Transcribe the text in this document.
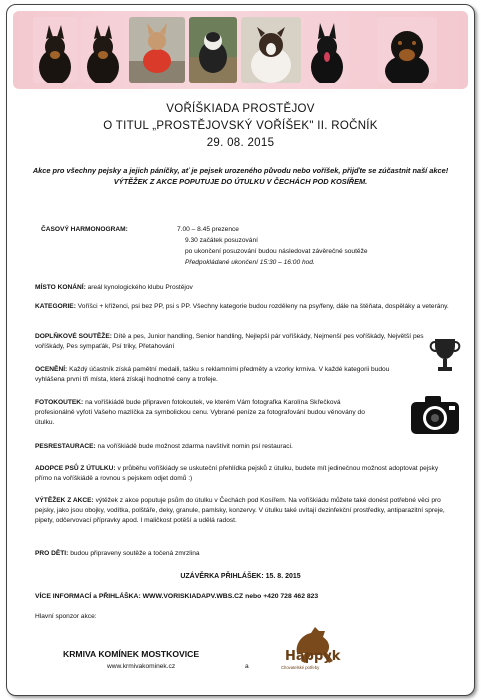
VOŘÍŠKIADA PROSTĚJOV
O TITUL „PROSTĚJOVSKÝ VOŘÍŠEK" II. ROČNÍK
29. 08. 2015
Akce pro všechny pejsky a jejich páníčky, ať je pejsek urozeného původu nebo voříšek, přijďte se zúčastnit naší akce! VÝTĚŽEK Z AKCE POPUTUJE DO ÚTULKU V ČECHÁCH POD KOSÍŘEM.
ČASOVÝ HARMONOGRAM:	7.00 – 8.45 prezence
9.30 začátek posuzování
po ukončení posuzování budou následovat závěrečné soutěže
Předpokládané ukončení 15:30 – 16:00 hod.
MÍSTO KONÁNÍ: areál kynologického klubu Prostějov
KATEGORIE: Voříšci + kříženci, psi bez PP, psi s PP. Všechny kategorie budou rozděleny na psy/feny, dále na štěňata, dospěláky a veterány.
DOPLŇKOVÉ SOUTĚŽE: Dítě a pes, Junior handling, Senior handling, Nejlepší pár voříškády, Nejmenší pes voříškády, Největší pes voříškády, Pes sympaťák, Psí triky, Přetahování
OCENĚNÍ: Každý účastník získá pamětní medaili, tašku s reklamními předměty a vzorky krmiva. V každé kategorii budou vyhlášena první tři místa, která získají hodnotné ceny a trofeje.
FOTOKOUTEK: na voříškiádě bude připraven fotokoutek, ve kterém Vám fotografka Karolína Skřečková profesionálně vyfotí Vašeho mazlíčka za symbolickou cenu. Vybrané peníze za fotografování budou věnovány do útulku.
PESRESTAURACE: na voříškiádě bude možnost zdarma navštívit nomin psí restauraci.
ADOPCE PSŮ Z ÚTULKU: v průběhu voříškiády se uskuteční přehlídka pejsků z útulku, budete mít jedinečnou možnost adoptovat pejsky přímo na voříškiádě a rovnou s pejskem odjet domů :)
VÝTĚŽEK Z AKCE: výtěžek z akce poputuje psům do útulku v Čechách pod Kosířem. Na voříškiádu můžete také donést potřebné věci pro pejsky, jako jsou obojky, vodítka, polštáře, deky, granule, pamlsky, konzervy. V útulku také uvítají dezinfekční prostředky, antiparazitní spreje, pipety, odčervovací přípravky apod. I maličkost potěší a udělá radost.
PRO DĚTI: budou připraveny soutěže a točená zmrzlina
UZÁVĚRKA PŘIHLÁŠEK: 15. 8. 2015
VÍCE INFORMACÍ a PŘIHLÁŠKA: WWW.VORISKIADAPV.WBS.CZ nebo +420 728 462 823
Hlavní sponzor akce:
KRMIVA KOMÍNEK MOSTKOVICE
www.krmivakominek.cz	a
Happyk
Chovatelské potřeby
